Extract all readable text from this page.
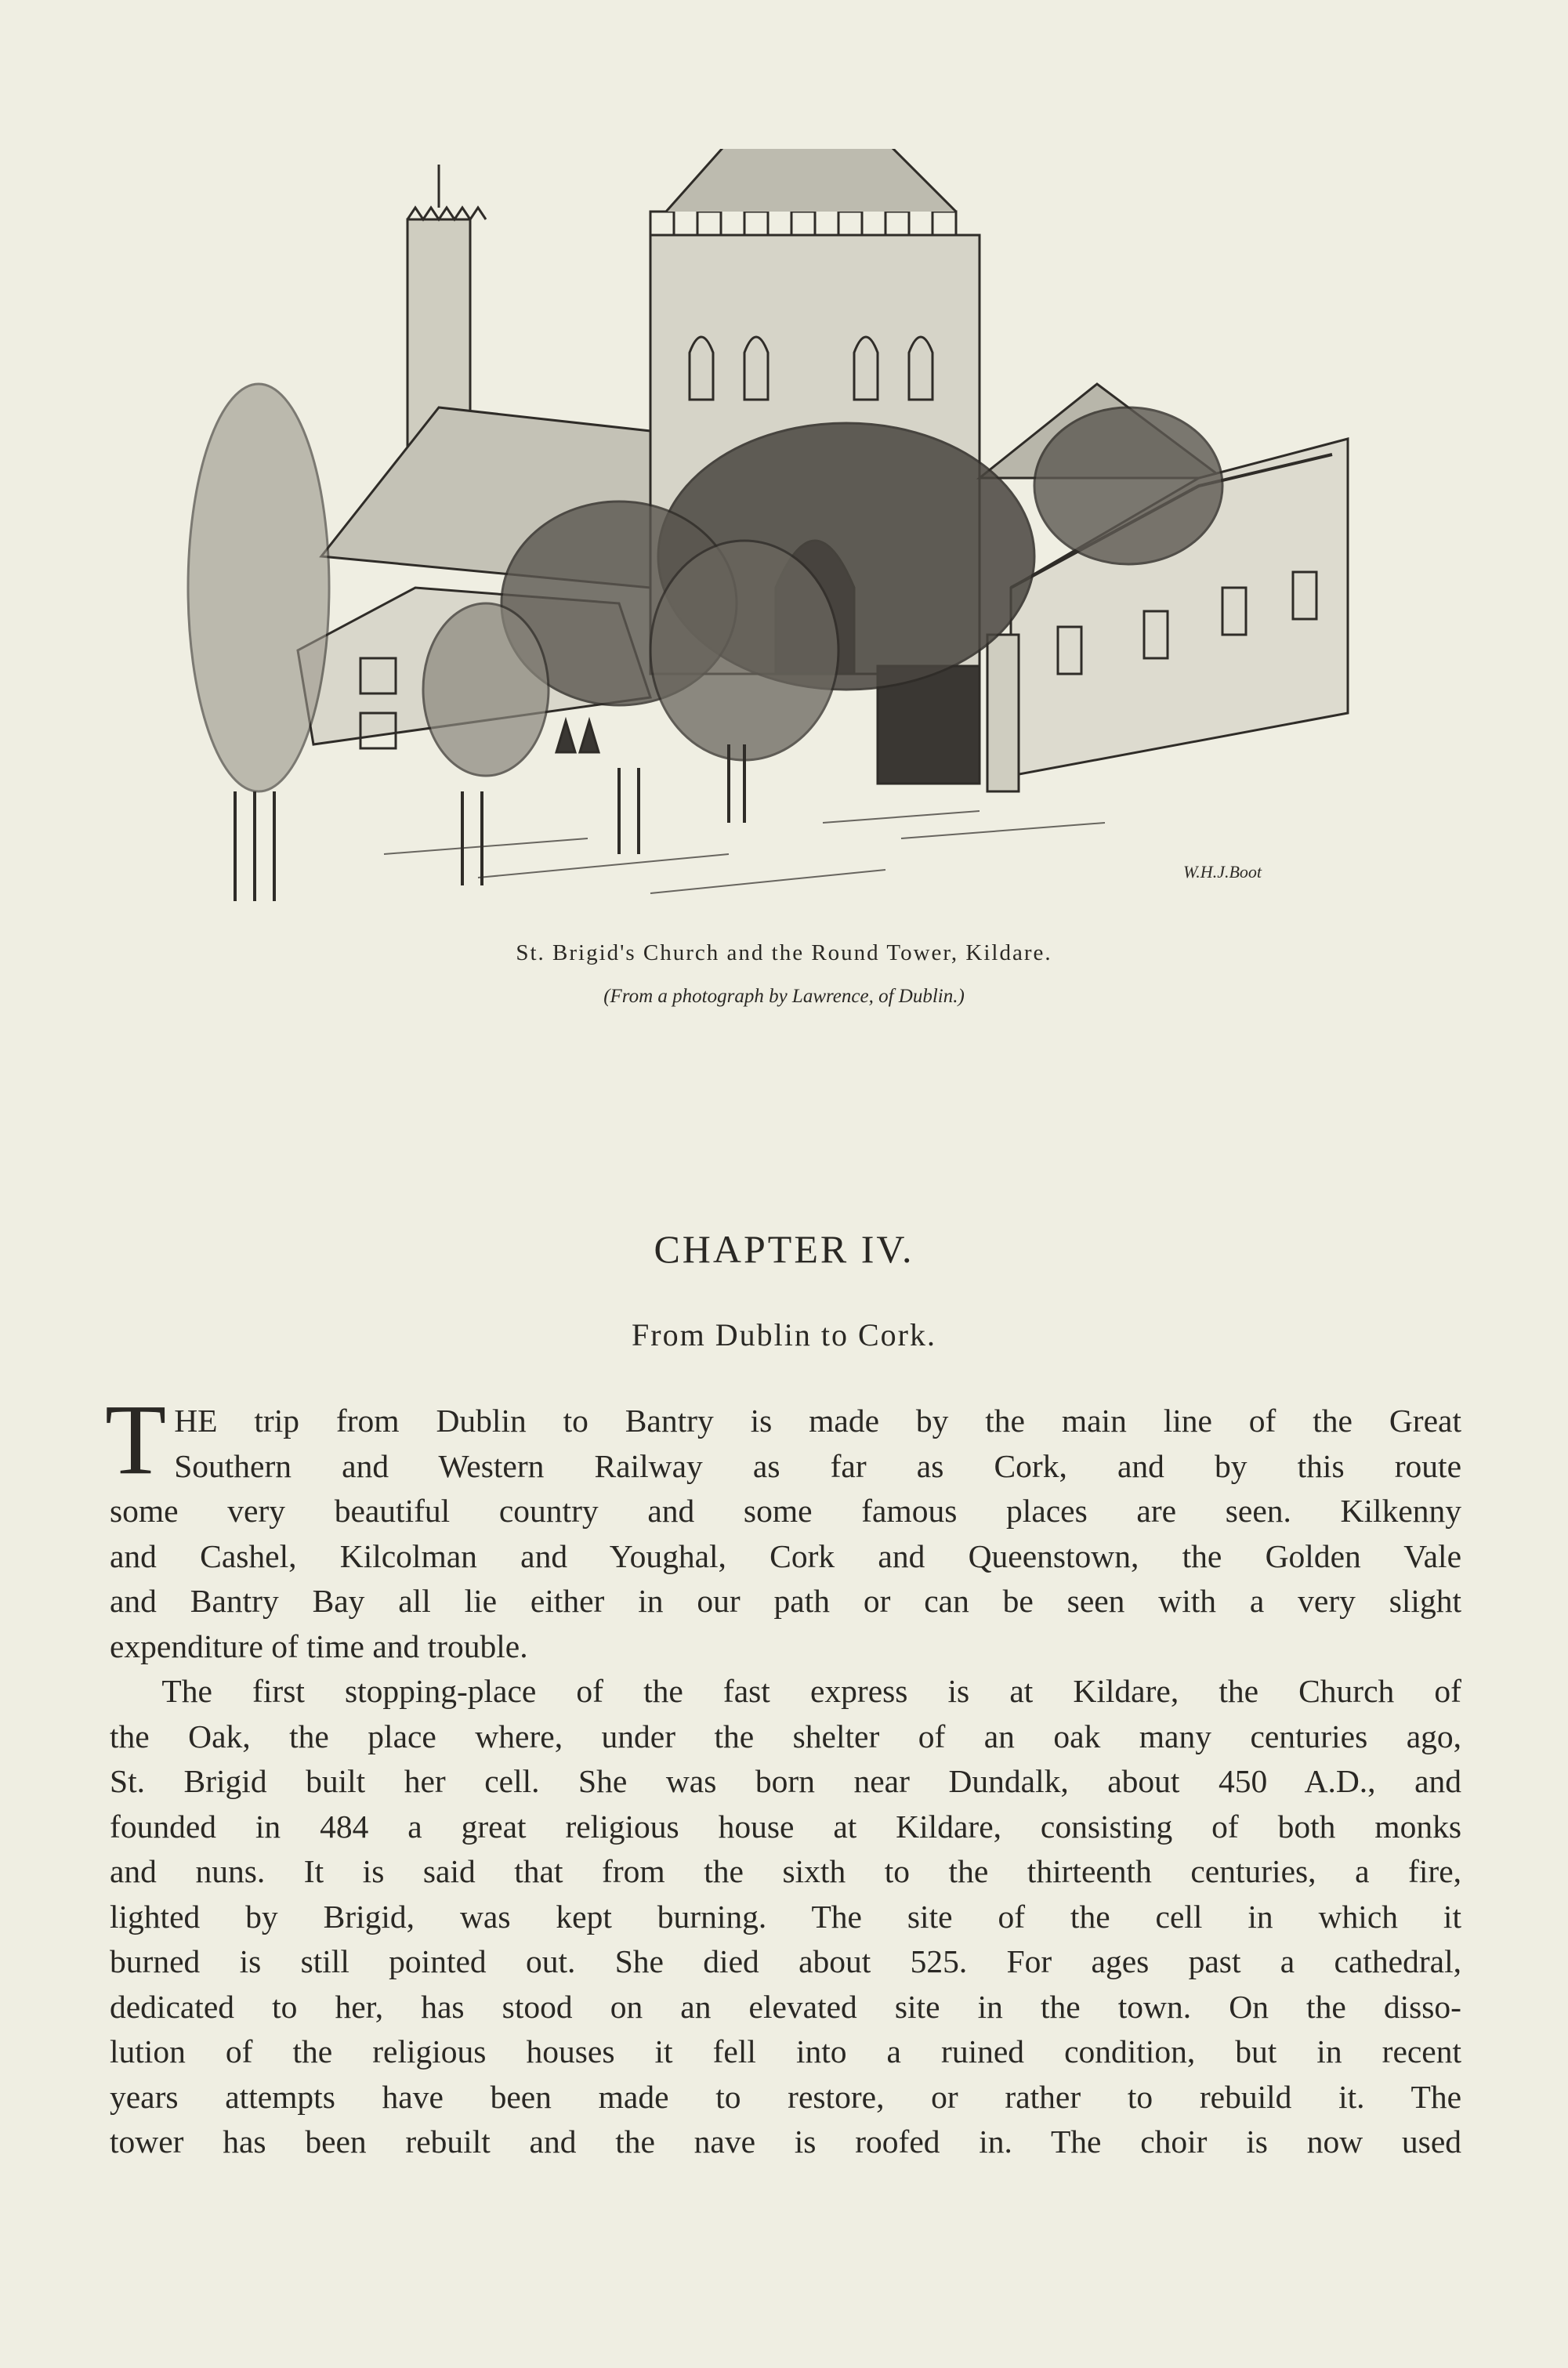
W.H.J.Boot
St. Brigid's Church and the Round Tower, Kildare.
(From a photograph by Lawrence, of Dublin.)
CHAPTER IV.
From Dublin to Cork.
T HE trip from Dublin to Bantry is made by the main line of the Great
Southern and Western Railway as far as Cork, and by this route
some very beautiful country and some famous places are seen. Kilkenny
and Cashel, Kilcolman and Youghal, Cork and Queenstown, the Golden Vale
and Bantry Bay all lie either in our path or can be seen with a very slight
expenditure of time and trouble.
The first stopping-place of the fast express is at Kildare, the Church of
the Oak, the place where, under the shelter of an oak many centuries ago,
St. Brigid built her cell. She was born near Dundalk, about 450 A.D., and
founded in 484 a great religious house at Kildare, consisting of both monks
and nuns. It is said that from the sixth to the thirteenth centuries, a fire,
lighted by Brigid, was kept burning. The site of the cell in which it
burned is still pointed out. She died about 525. For ages past a cathedral,
dedicated to her, has stood on an elevated site in the town. On the disso-
lution of the religious houses it fell into a ruined condition, but in recent
years attempts have been made to restore, or rather to rebuild it. The
tower has been rebuilt and the nave is roofed in. The choir is now used
